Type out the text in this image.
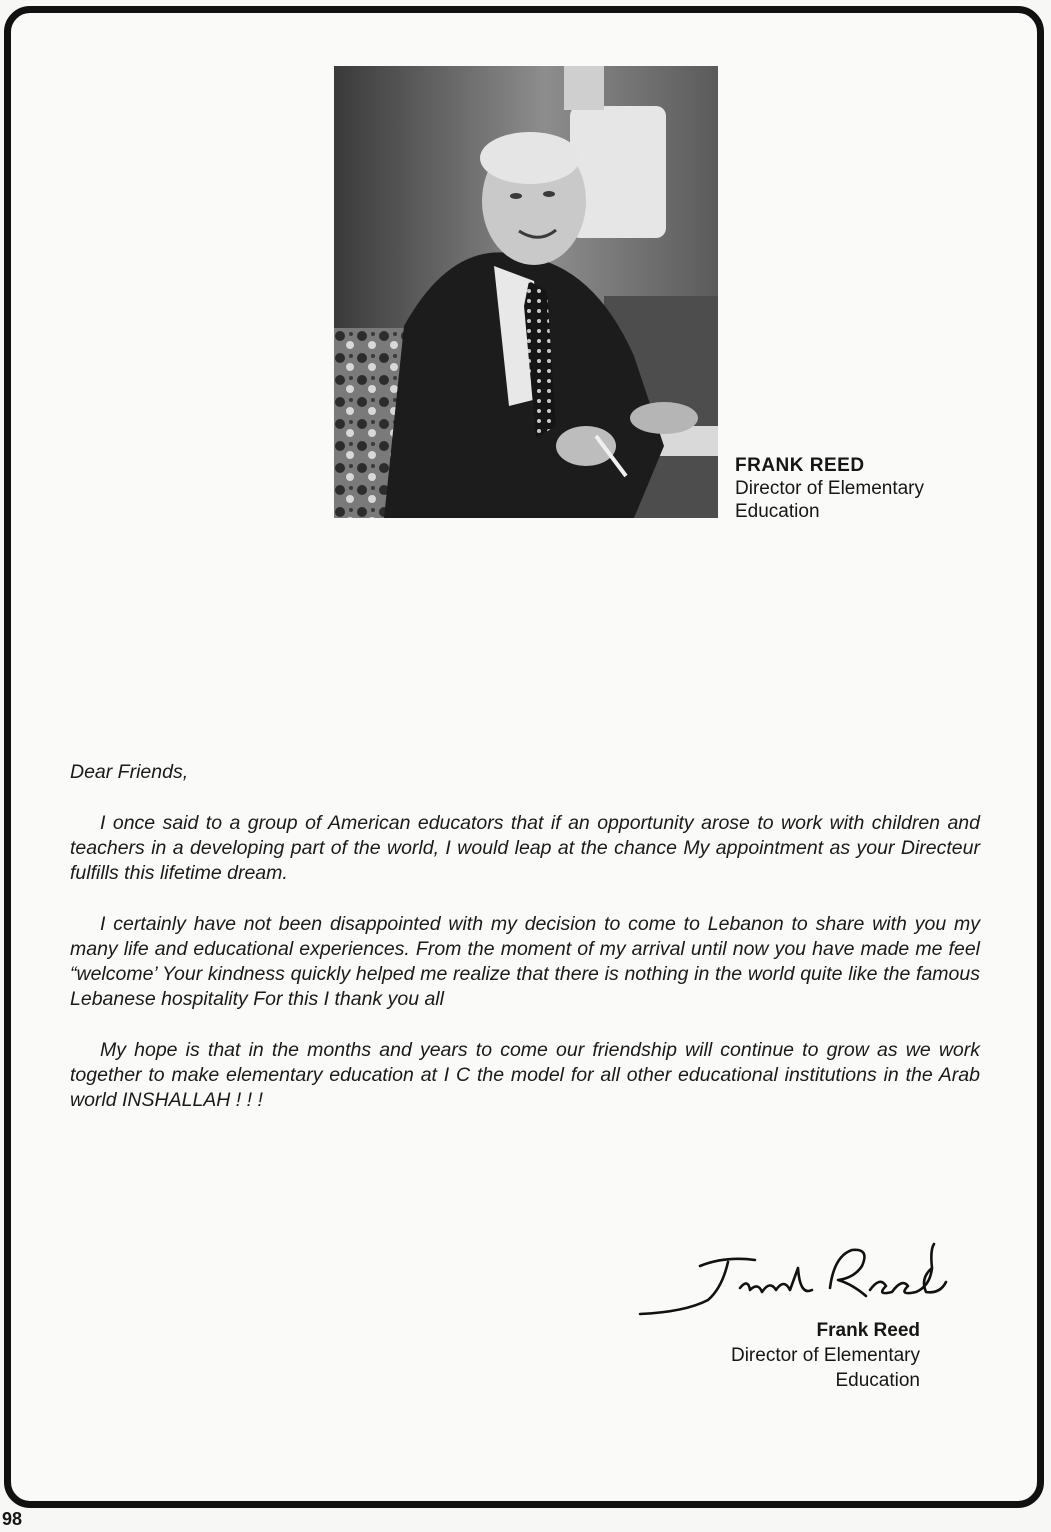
FRANK REED
Director of Elementary Education

Dear Friends,

I once said to a group of American educators that if an opportunity arose to work with children and teachers in a developing part of the world, I would leap at the chance My appointment as your Directeur fulfills this lifetime dream.

I certainly have not been disappointed with my decision to come to Lebanon to share with you my many life and educational experiences. From the moment of my arrival until now you have made me feel “welcome’ Your kindness quickly helped me realize that there is nothing in the world quite like the famous Lebanese hospitality For this I thank you all

My hope is that in the months and years to come our friendship will continue to grow as we work together to make elementary education at I C the model for all other educational institutions in the Arab world INSHALLAH ! ! !

Frank Reed
Director of Elementary
Education
98
